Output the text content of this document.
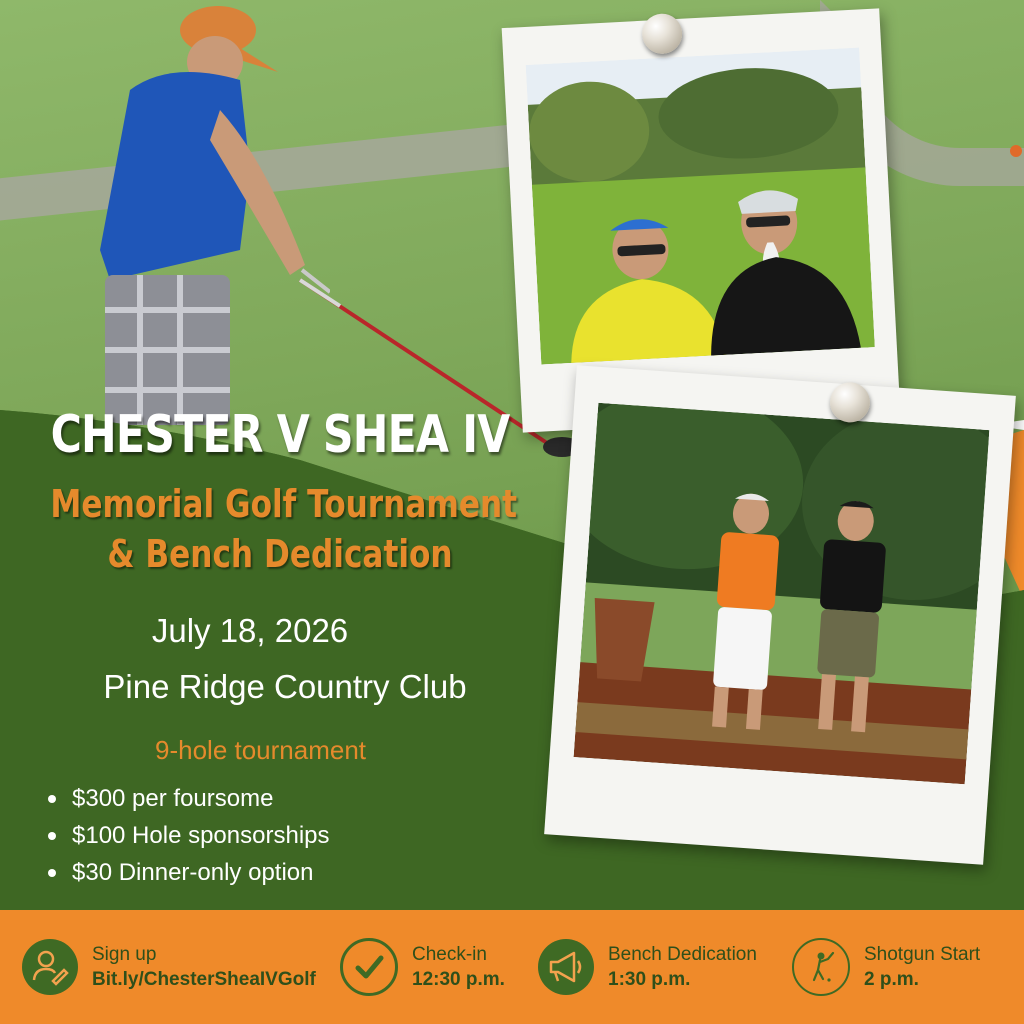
CHESTER V SHEA IV
Memorial Golf Tournament
& Bench Dedication
July 18, 2026
Pine Ridge Country Club
9-hole tournament
$300 per foursome
$100 Hole sponsorships
$30 Dinner-only option
Sign up
Bit.ly/ChesterSheaIVGolf
Check-in
12:30 p.m.
Bench Dedication
1:30 p.m.
Shotgun Start
2 p.m.
